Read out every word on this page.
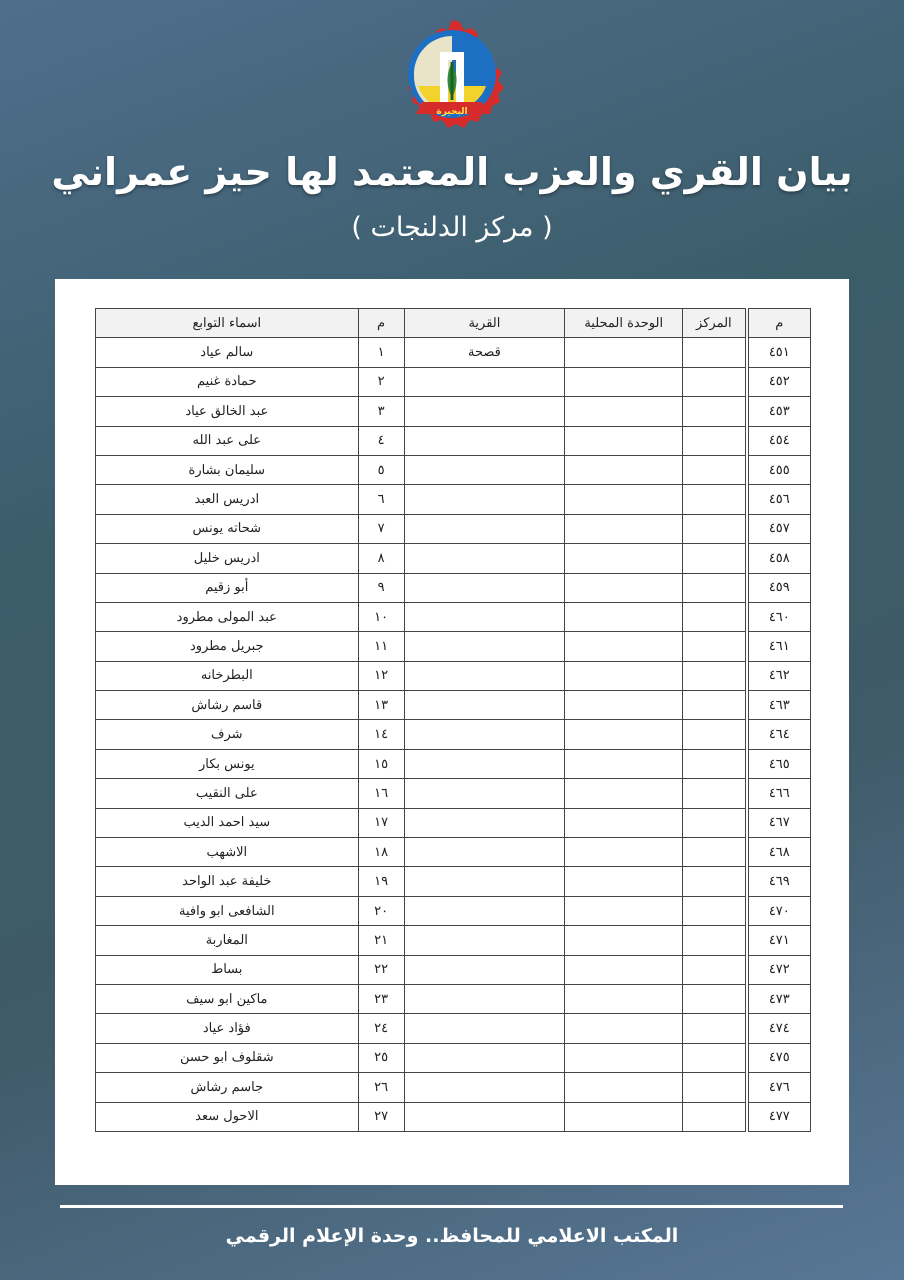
البحيرة
بيان القري والعزب المعتمد لها حيز عمراني
( مركز الدلنجات )
م	المركز	الوحدة المحلية	القرية	م	اسماء التوابع
٤٥١			قصحة	١	سالم عياد
٤٥٢				٢	حمادة غنيم
٤٥٣				٣	عبد الخالق عياد
٤٥٤				٤	على عبد الله
٤٥٥				٥	سليمان بشارة
٤٥٦				٦	ادريس العبد
٤٥٧				٧	شحاته يونس
٤٥٨				٨	ادريس خليل
٤٥٩				٩	أبو زقيم
٤٦٠				١٠	عبد المولى مطرود
٤٦١				١١	جبريل مطرود
٤٦٢				١٢	البطرخانه
٤٦٣				١٣	قاسم رشاش
٤٦٤				١٤	شرف
٤٦٥				١٥	يونس بكار
٤٦٦				١٦	على النقيب
٤٦٧				١٧	سيد احمد الديب
٤٦٨				١٨	الاشهب
٤٦٩				١٩	خليفة عبد الواحد
٤٧٠				٢٠	الشافعى ابو وافية
٤٧١				٢١	المغاربة
٤٧٢				٢٢	بساط
٤٧٣				٢٣	ماكين ابو سيف
٤٧٤				٢٤	فؤاد عياد
٤٧٥				٢٥	شقلوف ابو حسن
٤٧٦				٢٦	جاسم رشاش
٤٧٧				٢٧	الاحول سعد
المكتب الاعلامي للمحافظ.. وحدة الإعلام الرقمي
